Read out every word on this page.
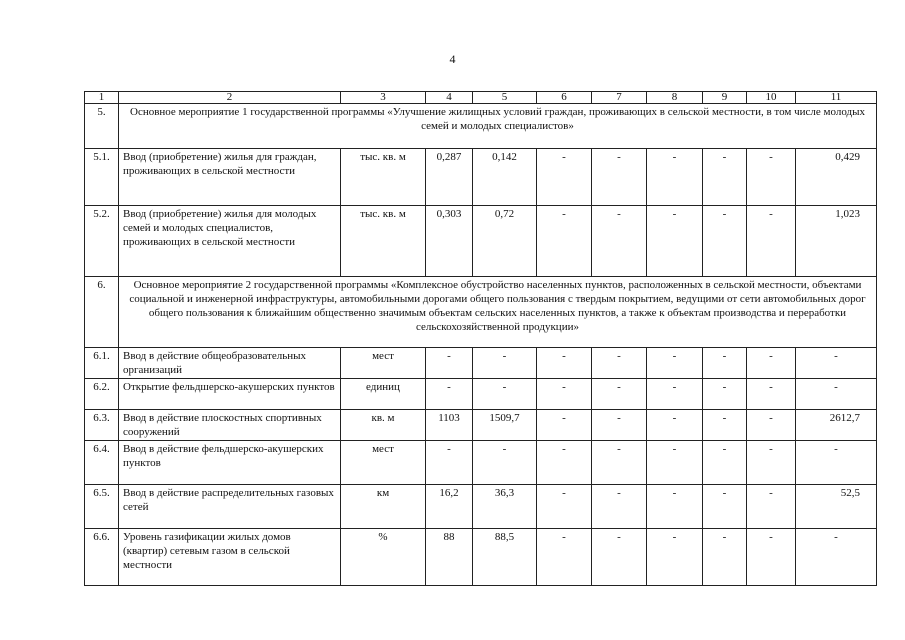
4
1	2	3	4	5	6	7	8	9	10	11
5.	Основное мероприятие 1 государственной программы «Улучшение жилищных условий граждан, проживающих в сельской местности, в том числе молодых семей и молодых специалистов»									
5.1.	Ввод (приобретение) жилья для граждан, проживающих в сельской местности	тыс. кв. м	0,287	0,142	-	-	-	-	-	0,429
5.2.	Ввод (приобретение) жилья для молодых семей и молодых специалистов, проживающих в сельской местности	тыс. кв. м	0,303	0,72	-	-	-	-	-	1,023
6.	Основное мероприятие 2 государственной программы «Комплексное обустройство населенных пунктов, расположенных в сельской местности, объектами социальной и инженерной инфраструктуры, автомобильными дорогами общего пользования с твердым покрытием, ведущими от сети автомобильных дорог общего пользования к ближайшим общественно значимым объектам сельских населенных пунктов, а также к объектам производства и переработки сельскохозяйственной продукции»									
6.1.	Ввод в действие общеобразовательных организаций	мест	-	-	-	-	-	-	-	-
6.2.	Открытие фельдшерско-акушерских пунктов	единиц	-	-	-	-	-	-	-	-
6.3.	Ввод в действие плоскостных спортивных сооружений	кв. м	1103	1509,7	-	-	-	-	-	2612,7
6.4.	Ввод в действие фельдшерско-акушерских пунктов	мест	-	-	-	-	-	-	-	-
6.5.	Ввод в действие распределительных газовых сетей	км	16,2	36,3	-	-	-	-	-	52,5
6.6.	Уровень газификации жилых домов (квартир) сетевым газом в сельской местности	%	88	88,5	-	-	-	-	-	-
